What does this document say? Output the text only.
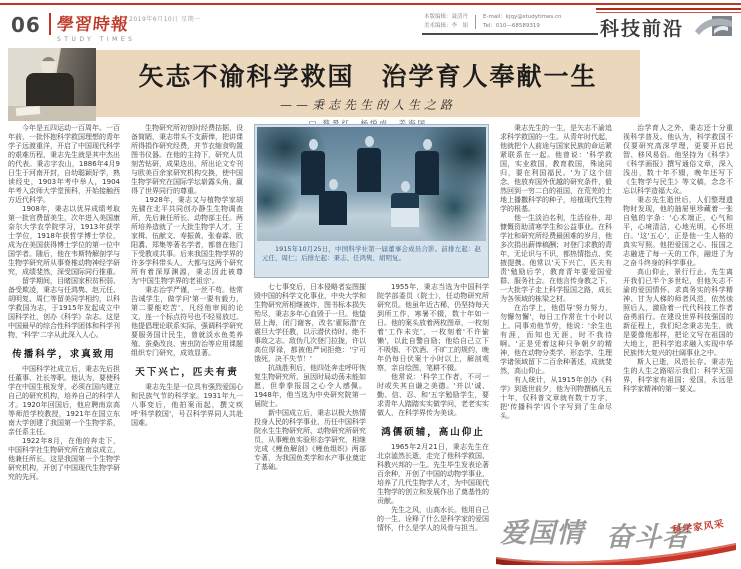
06 學習時報
STUDY TIMES
2019年6月10日 星期一	本版编辑：聂清丹
美术编辑：李　娟
E-mail：kjqy@studytimes.cn
Tel：010—68589319	科技前沿
矢志不渝科学救国　治学育人奉献一生
——秉志先生的人生之路
1915年10月25日，中国科学社第一届董事会成员合影。前排左起：赵元任、周仁；后排左起：秉志、任鸿隽、胡明复。

今年是五四运动一百周年。一百年前，一批怀抱科学救国理想的青年学子远渡重洋，开启了中国现代科学的艰难历程，秉志先生就是其中杰出的代表。秉志字农山，1886年4月9日生于河南开封，自幼聪颖好学，熟读经史，1903年考中举人，1904年考入京师大学堂预科，开始接触西方近代科学。

1908年，秉志以优异成绩考取第一批官费留美生，次年进入美国康奈尔大学农学院学习，1913年获学士学位，1918年获哲学博士学位，成为在美国获得博士学位的第一位中国学者。随后，他在韦斯特解剖学与生物学研究所从事脊椎动物神经学研究，成绩斐然，深受国际同行推重。

留学期间，目睹国家积贫积弱、备受欺凌，秉志与任鸿隽、赵元任、胡明复、周仁等留美同学相约，以科学救国为志，于1915年发起成立中国科学社，创办《科学》杂志。这是中国最早的综合性科学团体和科学刊物，'科学'二字从此深入人心。

传播科学，求真致用

中国科学社成立后，秉志先后担任董事、社长等职。他认为，要使科学在中国生根发芽，必须在国内建立自己的研究机构，培养自己的科学人才。1920年回国后，他应聘南京高等师范学校教授，1921年在国立东南大学创建了我国第一个生物学系，亲任系主任。

1922年8月，在他的奔走下，中国科学社生物研究所在南京成立，他兼任所长。这是我国第一个生物学研究机构，开创了中国现代生物学研究的先河。

生物研究所初创时经费拮据，设备简陋，秉志带头不支薪俸，把讲课所得捐作研究经费，并节衣缩食购置图书仪器。在他的主持下，研究人员刻苦钻研，成果迭出，所出论文专刊与欧美百余家研究机构交换，使中国生物学研究在国际学坛崭露头角，赢得了世界同行的尊重。

1928年，秉志又与植物学家胡先骕在北平共同创办静生生物调查所，先后兼任所长、动物部主任。两所培养造就了一大批生物学人才，王家楫、伍献文、寿振黄、张春霖、欧阳翥、郑集等著名学者，都曾在他门下受教或共事。后来我国生物学界的许多学科带头人，大都与这两个研究所有着深厚渊源，秉志因此被尊为'中国生物学界的老祖宗'。

秉志治学严谨，一丝不苟。他常告诫学生，做学问'第一要有毅力，第二要能吃苦'，凡经他审阅的论文，连一个标点符号也不轻易放过。他提倡理论联系实际，强调科学研究要服务国计民生，曾就淡水鱼类养殖、蚕桑改良、害虫防治等应用课题组织专门研究，成效显著。

天下兴亡，匹夫有责

秉志先生是一位具有强烈爱国心和民族气节的科学家。1931年九一八事变后，他拍案而起，撰文疾呼'科学救国'，号召科学界同人共赴国难。

七七事变后，日本侵略者妄图摧毁中国的科学文化事业，中央大学和生物研究所相继被炸，图书标本损失殆尽，秉志多年心血毁于一旦。他蛰居上海，闭门谢客，改名'翟际潜'在震旦大学任教，以示潜伏待时、绝不事敌之志。敌伪几次登门拉拢，许以高位厚禄，都被他严词拒绝：'宁可饿死，决不失节！'

抗战胜利后，他四处奔走呼吁恢复生物研究所，虽因时局动荡未能如愿，但拳拳报国之心令人感佩。1948年，他当选为中央研究院第一届院士。

新中国成立后，秉志以极大热情投身人民的科学事业，历任中国科学院水生生物研究所、动物研究所研究员，从事鲤鱼实验形态学研究，相继完成《鲤鱼解剖》《鲤鱼组织》两部专著，为我国鱼类学和水产事业奠定了基础。

1955年，秉志当选为中国科学院学部委员（院士），任动物研究所研究员。他虽年近古稀，仍坚持每天到所工作，寒暑不辍，数十年如一日。他的案头放着两枚图章，一枚刻着'工作未完'，一枚刻着'不许偷懒'，以此自警自励；他给自己立下不吸烟、不饮酒、不旷工的规约，晚年仍每日伏案十小时以上，解剖观察，亲自绘图，笔耕不辍。

他常说：'科学工作者，不可一时或失其自谦之美德。'并以'诚、勤、信、忍、和'五字勉励学生，要求青年人踏踏实实做学问，老老实实做人，在科学界传为美谈。

鸿儒硕辅，高山仰止

1965年2月21日，秉志先生在北京溘然长逝，走完了他科学救国、科教兴邦的一生。先生毕生发表论著百余种，开创了中国的动物学事业，培养了几代生物学人才，为中国现代生物学的创立和发展作出了奠基性的贡献。

先生之风，山高水长。他用自己的一生，诠释了什么是科学家的爱国情怀，什么是学人的风骨与担当。

秉志先生的一生，是矢志不渝追求科学救国的一生。从青年时代起，他就把个人前途与国家民族的命运紧紧联系在一起。他曾说：'科学救国，实业救国，教育救国，殊途同归，要在利国福民。'为了这个信念，他放弃国外优越的研究条件，毅然回到一穷二白的祖国，在荒芜的土地上播撒科学的种子，培植现代生物学的根基。

他一生淡泊名利，生活俭朴，却慷慨资助清寒学生和公益事业。在科学社和研究所经费最困难的岁月，他多次捐出薪俸稿酬；对登门求教的青年，无论识与不识，都热情指点、奖掖提携。他常以'天下兴亡，匹夫有责'勉励后学，教育青年要爱国爱群、服务社会。在他言传身教之下，一大批学子走上科学报国之路，成长为各领域的栋梁之材。

在治学上，他倡导'努力努力，勿懈勿懈'，每日工作常在十小时以上。同事劝他节劳，他说：'余生也有涯，而知也无涯，时不我待啊。'正是凭着这种只争朝夕的精神，他在动物分类学、形态学、生理学诸领域留下二百余种著述，成就斐然，高山仰止。

有人统计，从1915年创办《科学》到逝世前夕，他为刊物撰稿凡五十年，仅科普文章就有数十万字，把'传播科学'四个字写到了生命尽头。

治学育人之外，秉志还十分重视科学普及。他认为，科学救国不仅要研究高深学理，更要开启民智、移风易俗。他坚持为《科学》《科学画报》撰写通俗文章，深入浅出，数十年不辍，晚年还写下《生物学与民生》等文稿，念念不忘以科学造福大众。

秉志先生逝世后，人们整理遗物时发现，他的抽屉里珍藏着一张自勉的字条：'心术端正，心气和平，心境清洁，心地光明，心怀坦白。'这'五心'，正是他一生人格的真实写照。他把爱国之心、报国之志融进了每一天的工作，融进了为之奋斗终身的科学事业。

高山仰止，景行行止。先生离开我们已半个多世纪，但他矢志不渝的爱国情怀、求真务实的科学精神、甘为人梯的师者风范，依然烛照后人，激励着一代代科技工作者奋勇前行。在建设世界科技强国的新征程上，我们纪念秉志先生，就是要像他那样，把论文写在祖国的大地上，把科学追求融入实现中华民族伟大复兴的壮阔事业之中。

斯人已逝，风范长存。秉志先生的人生之路昭示我们：科学无国界，科学家有祖国；爱国，永远是科学家精神的第一要义。

爱国情 奋斗者
科学家风采
